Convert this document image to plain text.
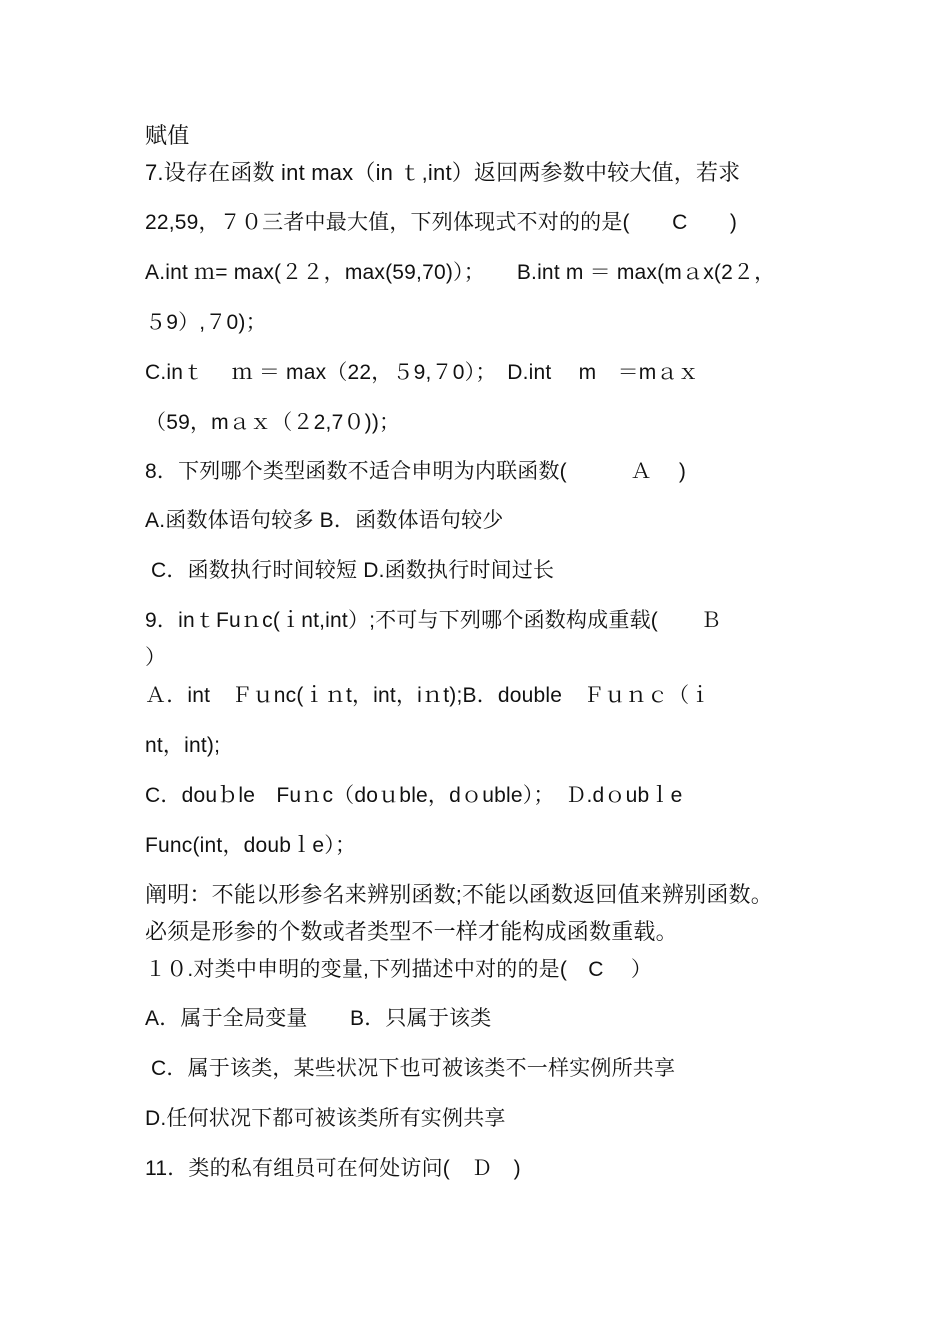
赋值
7.设存在函数 int max（in ｔ,int）返回两参数中较大值，若求
22,59，７０三者中最大值，下列体现式不对的的是(　　C　　)
A.int ｍ= max(２２，max(59,70)）；　　B.int m ＝ max(mａx(2２，
５9）,７0)；
C.inｔ　 ｍ ＝ max（22，５9,７0）；　D.int　 m　＝mａｘ
（59，mａｘ（２2,7０))；
8．下列哪个类型函数不适合申明为内联函数(　　　Ａ　 )
A.函数体语句较多 B．函数体语句较少
C．函数执行时间较短 D.函数执行时间过长
9．inｔFuｎc(ｉnt,int）;不可与下列哪个函数构成重载(　　Ｂ
）
Ａ．int　Ｆｕnc(ｉｎt，int，iｎt);B．double　Ｆｕｎｃ（ｉ
nt，int);
C．douｂle　Fuｎc（doｕble，dｏuble）；　Ｄ.dｏubｌe
Func(int，doubｌe）；
阐明：不能以形参名来辨别函数;不能以函数返回值来辨别函数。
必须是形参的个数或者类型不一样才能构成函数重载。
１０.对类中申明的变量,下列描述中对的的是(　C　 ）
A．属于全局变量　　B．只属于该类
C．属于该类，某些状况下也可被该类不一样实例所共享
D.任何状况下都可被该类所有实例共享
11．类的私有组员可在何处访问(　Ｄ　)
